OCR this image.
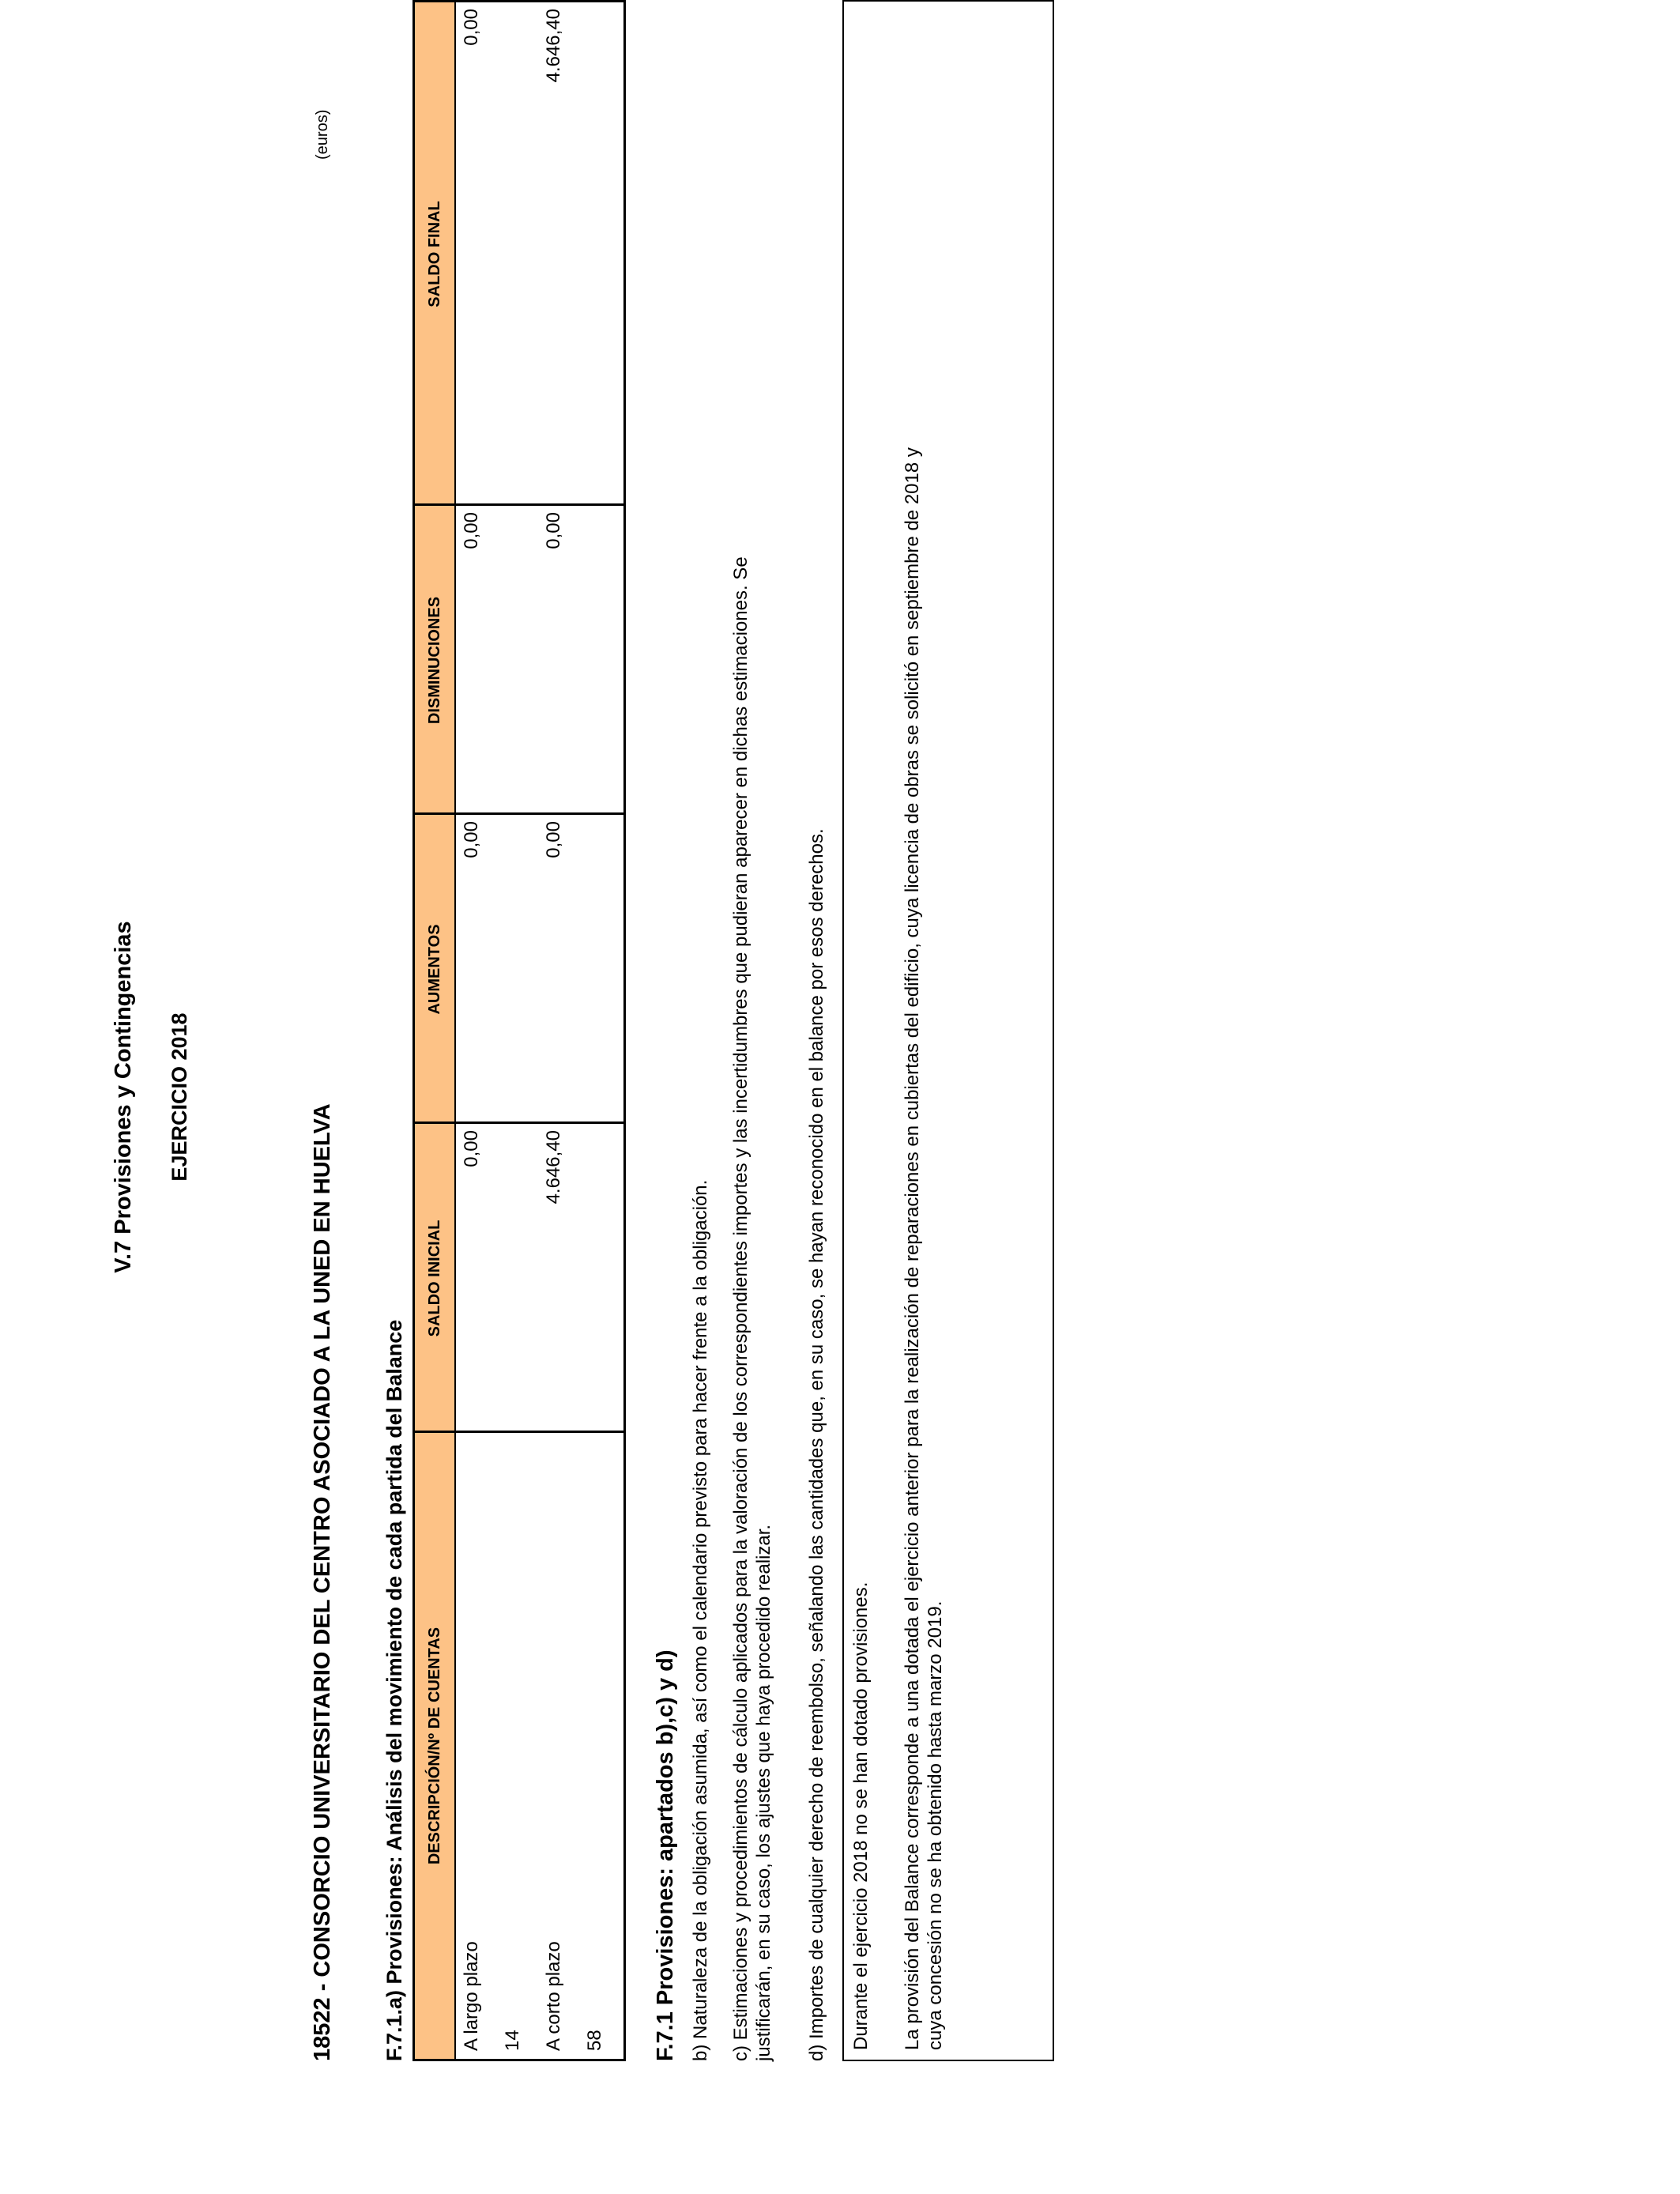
V.7 Provisiones y Contingencias EJERCICIO 2018
18522 - CONSORCIO UNIVERSITARIO DEL CENTRO ASOCIADO A LA UNED EN HUELVA
(euros)
F.7.1.a) Provisiones: Análisis del movimiento de cada partida del Balance	DESCRIPCIÓN/Nº DE CUENTAS
SALDO INICIAL
AUMENTOS
DISMINUCIONES
SALDO FINAL
A largo plazo 14
0,00
0,00
0,00
0,00
A corto plazo 58
4.646,40
0,00
0,00
4.646,40
F.7.1 Provisiones: apartados b),c) y d) b) Naturaleza de la obligación asumida, así como el calendario previsto para hacer frente a la obligación. c) Estimaciones y procedimientos de cálculo aplicados para la valoración de los correspondientes importes y las incertidumbres que pudieran aparecer en dichas estimaciones. Se justificarán, en su caso, los ajustes que haya procedido realizar. d) Importes de cualquier derecho de reembolso, señalando las cantidades que, en su caso, se hayan reconocido en el balance por esos derechos. Durante el ejercicio 2018 no se han dotado provisiones. La provisión del Balance corresponde a una dotada el ejercicio anterior para la realización de reparaciones en cubiertas del edificio, cuya licencia de obras se solicitó en septiembre de 2018 y cuya concesión no se ha obtenido hasta marzo 2019.
